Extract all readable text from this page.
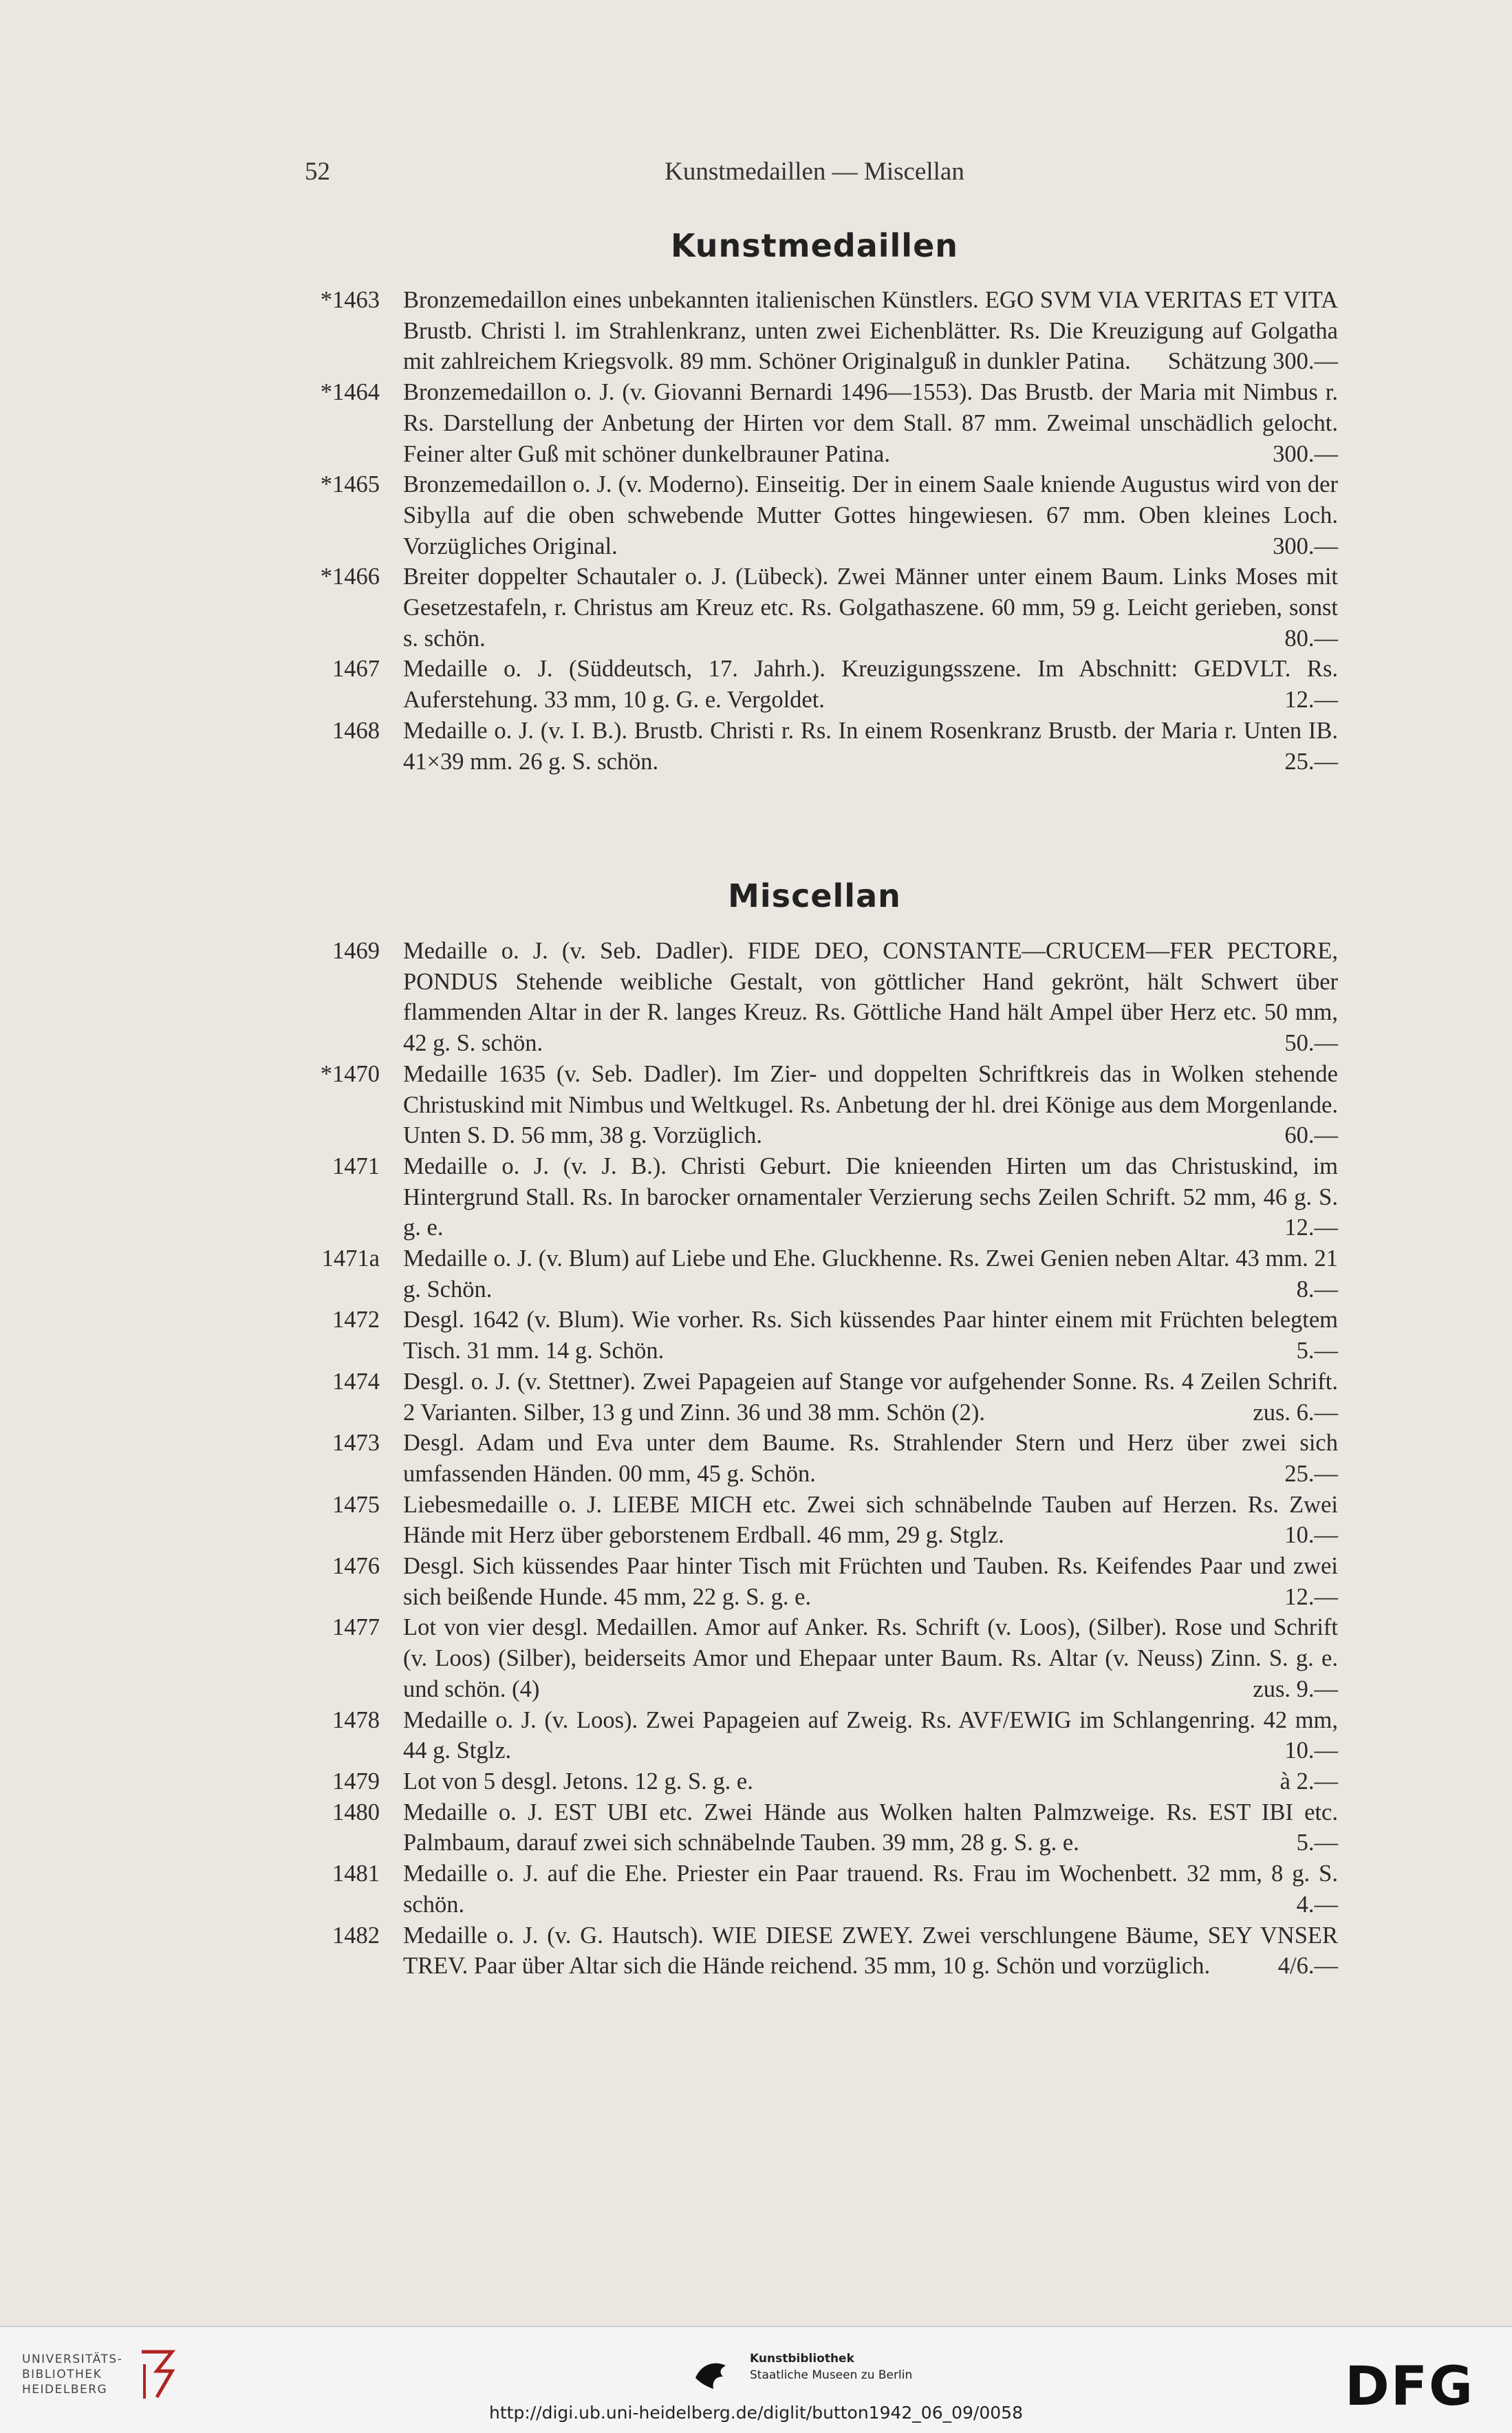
52	Kunstmedaillen — Miscellan
Kunstmedaillen
*1463 Bronzemedaillon eines unbekannten italienischen Künstlers. EGO SVM VIA VERITAS ET VITA Brustb. Christi l. im Strahlenkranz, unten zwei Eichenblätter. Rs. Die Kreuzigung auf Golgatha mit zahlreichem Kriegsvolk. 89 mm. Schöner Originalguß in dunkler Patina. Schätzung 300.—
*1464 Bronzemedaillon o. J. (v. Giovanni Bernardi 1496—1553). Das Brustb. der Maria mit Nimbus r. Rs. Darstellung der Anbetung der Hirten vor dem Stall. 87 mm. Zweimal unschädlich gelocht. Feiner alter Guß mit schöner dunkelbrauner Patina.	300.—
*1465 Bronzemedaillon o. J. (v. Moderno). Einseitig. Der in einem Saale kniende Augustus wird von der Sibylla auf die oben schwebende Mutter Gottes hingewiesen. 67 mm. Oben kleines Loch. Vorzügliches Original.	300.—
*1466 Breiter doppelter Schautaler o. J. (Lübeck). Zwei Männer unter einem Baum. Links Moses mit Gesetzestafeln, r. Christus am Kreuz etc. Rs. Golgathaszene. 60 mm, 59 g. Leicht gerieben, sonst s. schön.	80.—
1467 Medaille o. J. (Süddeutsch, 17. Jahrh.). Kreuzigungsszene. Im Abschnitt: GEDVLT. Rs. Auferstehung. 33 mm, 10 g. G. e. Vergoldet.	12.—
1468 Medaille o. J. (v. I. B.). Brustb. Christi r. Rs. In einem Rosenkranz Brustb. der Maria r. Unten IB. 41×39 mm. 26 g. S. schön.	25.—
Miscellan
1469 Medaille o. J. (v. Seb. Dadler). FIDE DEO, CONSTANTE—CRUCEM—FER PECTORE, PONDUS Stehende weibliche Gestalt, von göttlicher Hand gekrönt, hält Schwert über flammenden Altar in der R. langes Kreuz. Rs. Göttliche Hand hält Ampel über Herz etc. 50 mm, 42 g. S. schön.	50.—
*1470 Medaille 1635 (v. Seb. Dadler). Im Zier- und doppelten Schriftkreis das in Wolken stehende Christuskind mit Nimbus und Weltkugel. Rs. Anbetung der hl. drei Könige aus dem Morgenlande. Unten S. D. 56 mm, 38 g. Vorzüglich.	60.—
1471 Medaille o. J. (v. J. B.). Christi Geburt. Die knieenden Hirten um das Christuskind, im Hintergrund Stall. Rs. In barocker ornamentaler Verzierung sechs Zeilen Schrift. 52 mm, 46 g. S. g. e.	12.—
1471a Medaille o. J. (v. Blum) auf Liebe und Ehe. Gluckhenne. Rs. Zwei Genien neben Altar. 43 mm. 21 g. Schön.	8.—
1472 Desgl. 1642 (v. Blum). Wie vorher. Rs. Sich küssendes Paar hinter einem mit Früchten belegtem Tisch. 31 mm. 14 g. Schön.	5.—
1474 Desgl. o. J. (v. Stettner). Zwei Papageien auf Stange vor aufgehender Sonne. Rs. 4 Zeilen Schrift. 2 Varianten. Silber, 13 g und Zinn. 36 und 38 mm. Schön (2).	zus. 6.—
1473 Desgl. Adam und Eva unter dem Baume. Rs. Strahlender Stern und Herz über zwei sich umfassenden Händen. 00 mm, 45 g. Schön.	25.—
1475 Liebesmedaille o. J. LIEBE MICH etc. Zwei sich schnäbelnde Tauben auf Herzen. Rs. Zwei Hände mit Herz über geborstenem Erdball. 46 mm, 29 g. Stglz.	10.—
1476 Desgl. Sich küssendes Paar hinter Tisch mit Früchten und Tauben. Rs. Keifendes Paar und zwei sich beißende Hunde. 45 mm, 22 g. S. g. e.	12.—
1477 Lot von vier desgl. Medaillen. Amor auf Anker. Rs. Schrift (v. Loos), (Silber). Rose und Schrift (v. Loos) (Silber), beiderseits Amor und Ehepaar unter Baum. Rs. Altar (v. Neuss) Zinn. S. g. e. und schön. (4)	zus. 9.—
1478 Medaille o. J. (v. Loos). Zwei Papageien auf Zweig. Rs. AVF/EWIG im Schlangenring. 42 mm, 44 g. Stglz.	10.—
1479 Lot von 5 desgl. Jetons. 12 g. S. g. e.	à 2.—
1480 Medaille o. J. EST UBI etc. Zwei Hände aus Wolken halten Palmzweige. Rs. EST IBI etc. Palmbaum, darauf zwei sich schnäbelnde Tauben. 39 mm, 28 g. S. g. e.	5.—
1481 Medaille o. J. auf die Ehe. Priester ein Paar trauend. Rs. Frau im Wochenbett. 32 mm, 8 g. S. schön.	4.—
1482 Medaille o. J. (v. G. Hautsch). WIE DIESE ZWEY. Zwei verschlungene Bäume, SEY VNSER TREV. Paar über Altar sich die Hände reichend. 35 mm, 10 g. Schön und vorzüglich.	4/6.—
UNIVERSITÄTS-
BIBLIOTHEK
HEIDELBERG
Kunstbibliothek
Staatliche Museen zu Berlin	DFG
http://digi.ub.uni-heidelberg.de/diglit/button1942_06_09/0058
